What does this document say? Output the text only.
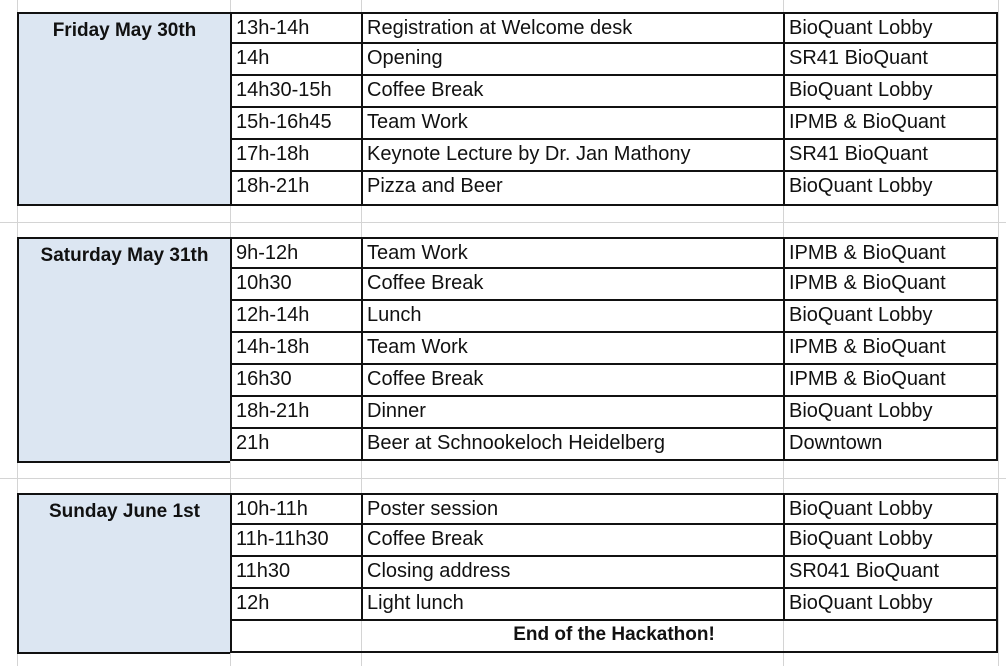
Friday May 30th	13h-14h	Registration at Welcome desk	BioQuant Lobby
14h	Opening	SR41 BioQuant
14h30-15h	Coffee Break	BioQuant Lobby
15h-16h45	Team Work	IPMB & BioQuant
17h-18h	Keynote Lecture by Dr. Jan Mathony	SR41 BioQuant
18h-21h	Pizza and Beer	BioQuant Lobby
Saturday May 31th	9h-12h	Team Work	IPMB & BioQuant
10h30	Coffee Break	IPMB & BioQuant
12h-14h	Lunch	BioQuant Lobby
14h-18h	Team Work	IPMB & BioQuant
16h30	Coffee Break	IPMB & BioQuant
18h-21h	Dinner	BioQuant Lobby
21h	Beer at Schnookeloch Heidelberg	Downtown
Sunday June 1st	10h-11h	Poster session	BioQuant Lobby
11h-11h30	Coffee Break	BioQuant Lobby
11h30	Closing address	SR041 BioQuant
12h	Light lunch	BioQuant Lobby
End of the Hackathon!
